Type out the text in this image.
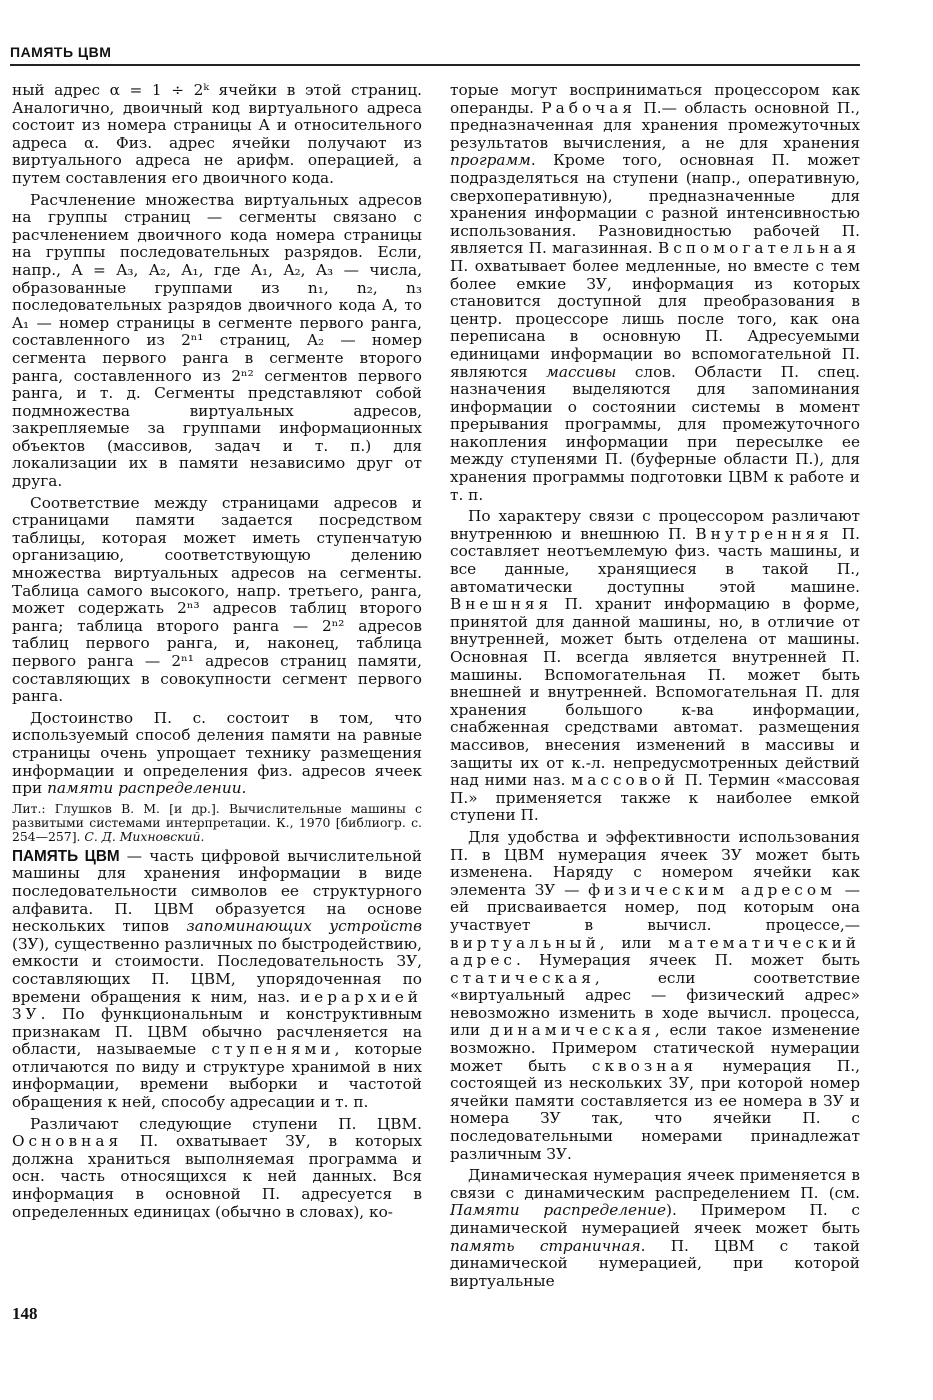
ПАМЯТЬ ЦВМ

ный адрес α = 1 ÷ 2ᵏ ячейки в этой страниц. Аналогично, двоичный код виртуального адреса состоит из номера страницы A и относительного адреса α. Физ. адрес ячейки получают из виртуального адреса не арифм. операцией, а путем составления его двоичного кода.

Расчленение множества виртуальных адресов на группы страниц — сегменты связано с расчленением двоичного кода номера страницы на группы последовательных разрядов. Если, напр., A = A₃, A₂, A₁, где A₁, A₂, A₃ — числа, образованные группами из n₁, n₂, n₃ последовательных разрядов двоичного кода A, то A₁ — номер страницы в сегменте первого ранга, составленного из 2ⁿ¹ страниц, A₂ — номер сегмента первого ранга в сегменте второго ранга, составленного из 2ⁿ² сегментов первого ранга, и т. д. Сегменты представляют собой подмножества виртуальных адресов, закрепляемые за группами информационных объектов (массивов, задач и т. п.) для локализации их в памяти независимо друг от друга.

Соответствие между страницами адресов и страницами памяти задается посредством таблицы, которая может иметь ступенчатую организацию, соответствующую делению множества виртуальных адресов на сегменты. Таблица самого высокого, напр. третьего, ранга, может содержать 2ⁿ³ адресов таблиц второго ранга; таблица второго ранга — 2ⁿ² адресов таблиц первого ранга, и, наконец, таблица первого ранга — 2ⁿ¹ адресов страниц памяти, составляющих в совокупности сегмент первого ранга.

Достоинство П. с. состоит в том, что используемый способ деления памяти на равные страницы очень упрощает технику размещения информации и определения физ. адресов ячеек при памяти распределении.

Лит.: Глушков В. М. [и др.]. Вычислительные машины с развитыми системами интерпретации. К., 1970 [библиогр. с. 254—257]. С. Д. Михновский.

ПАМЯТЬ ЦВМ — часть цифровой вычислительной машины для хранения информации в виде последовательности символов ее структурного алфавита. П. ЦВМ образуется на основе нескольких типов запоминающих устройств (ЗУ), существенно различных по быстродействию, емкости и стоимости. Последовательность ЗУ, составляющих П. ЦВМ, упорядоченная по времени обращения к ним, наз. иерархией ЗУ. По функциональным и конструктивным признакам П. ЦВМ обычно расчленяется на области, называемые ступенями, которые отличаются по виду и структуре хранимой в них информации, времени выборки и частотой обращения к ней, способу адресации и т. п.

Различают следующие ступени П. ЦВМ. Основная П. охватывает ЗУ, в которых должна храниться выполняемая программа и осн. часть относящихся к ней данных. Вся информация в основной П. адресуется в определенных единицах (обычно в словах), ко-

торые могут восприниматься процессором как операнды. Рабочая П.— область основной П., предназначенная для хранения промежуточных результатов вычисления, а не для хранения программ. Кроме того, основная П. может подразделяться на ступени (напр., оперативную, сверхоперативную), предназначенные для хранения информации с разной интенсивностью использования. Разновидностью рабочей П. является П. магазинная. Вспомогательная П. охватывает более медленные, но вместе с тем более емкие ЗУ, информация из которых становится доступной для преобразования в центр. процессоре лишь после того, как она переписана в основную П. Адресуемыми единицами информации во вспомогательной П. являются массивы слов. Области П. спец. назначения выделяются для запоминания информации о состоянии системы в момент прерывания программы, для промежуточного накопления информации при пересылке ее между ступенями П. (буферные области П.), для хранения программы подготовки ЦВМ к работе и т. п.

По характеру связи с процессором различают внутреннюю и внешнюю П. Внутренняя П. составляет неотъемлемую физ. часть машины, и все данные, хранящиеся в такой П., автоматически доступны этой машине. Внешняя П. хранит информацию в форме, принятой для данной машины, но, в отличие от внутренней, может быть отделена от машины. Основная П. всегда является внутренней П. машины. Вспомогательная П. может быть внешней и внутренней. Вспомогательная П. для хранения большого к-ва информации, снабженная средствами автомат. размещения массивов, внесения изменений в массивы и защиты их от к.-л. непредусмотренных действий над ними наз. массовой П. Термин «массовая П.» применяется также к наиболее емкой ступени П.

Для удобства и эффективности использования П. в ЦВМ нумерация ячеек ЗУ может быть изменена. Наряду с номером ячейки как элемента ЗУ — физическим адресом — ей присваивается номер, под которым она участвует в вычисл. процессе,— виртуальный, или математический адрес. Нумерация ячеек П. может быть статическая, если соответствие «виртуальный адрес — физический адрес» невозможно изменить в ходе вычисл. процесса, или динамическая, если такое изменение возможно. Примером статической нумерации может быть сквозная нумерация П., состоящей из нескольких ЗУ, при которой номер ячейки памяти составляется из ее номера в ЗУ и номера ЗУ так, что ячейки П. с последовательными номерами принадлежат различным ЗУ.

Динамическая нумерация ячеек применяется в связи с динамическим распределением П. (см. Памяти распределение). Примером П. с динамической нумерацией ячеек может быть память страничная. П. ЦВМ с такой динамической нумерацией, при которой виртуальные

148
